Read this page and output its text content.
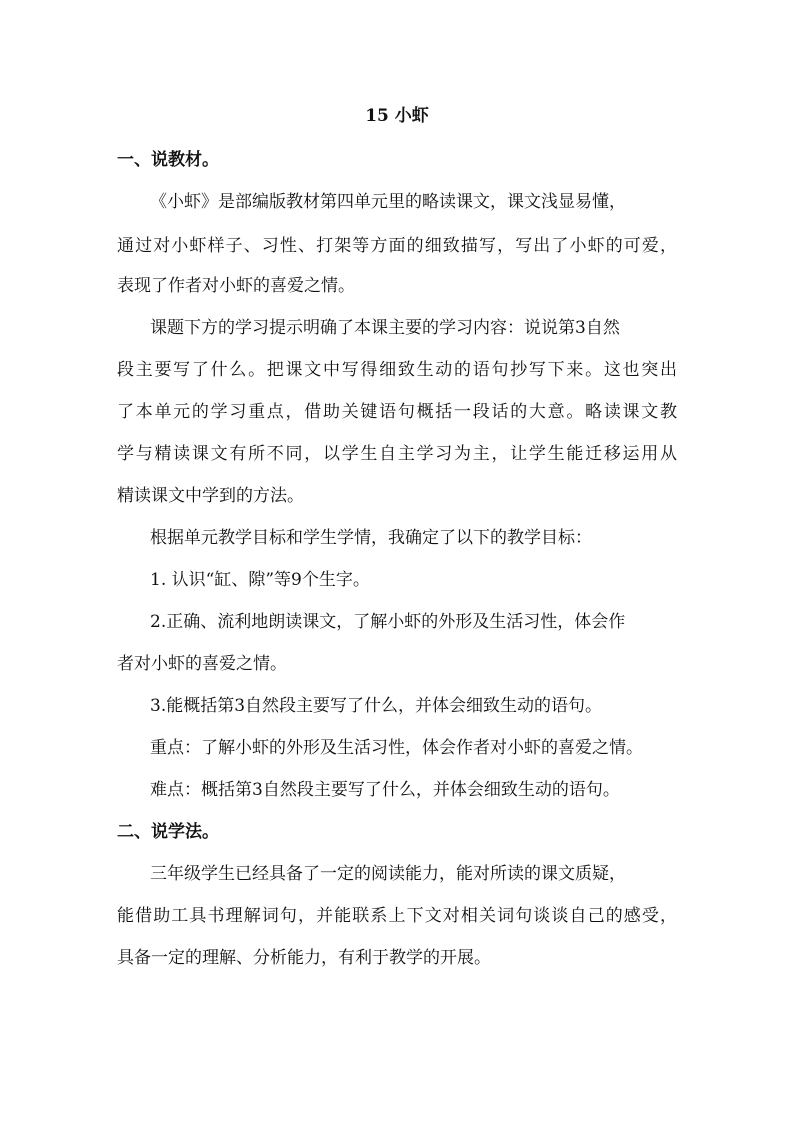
15 小虾
一、说教材。
《小虾》是部编版教材第四单元里的略读课文，课文浅显易懂，
通过对小虾样子、习性、打架等方面的细致描写，写出了小虾的可爱，
表现了作者对小虾的喜爱之情。
课题下方的学习提示明确了本课主要的学习内容：说说第3自然
段主要写了什么。把课文中写得细致生动的语句抄写下来。这也突出
了本单元的学习重点，借助关键语句概括一段话的大意。略读课文教
学与精读课文有所不同，以学生自主学习为主，让学生能迁移运用从
精读课文中学到的方法。
根据单元教学目标和学生学情，我确定了以下的教学目标：
1. 认识“缸、隙”等9个生字。
2.正确、流利地朗读课文，了解小虾的外形及生活习性，体会作
者对小虾的喜爱之情。
3.能概括第3自然段主要写了什么，并体会细致生动的语句。
重点：了解小虾的外形及生活习性，体会作者对小虾的喜爱之情。
难点：概括第3自然段主要写了什么，并体会细致生动的语句。
二、说学法。
三年级学生已经具备了一定的阅读能力，能对所读的课文质疑，
能借助工具书理解词句，并能联系上下文对相关词句谈谈自己的感受，
具备一定的理解、分析能力，有利于教学的开展。
